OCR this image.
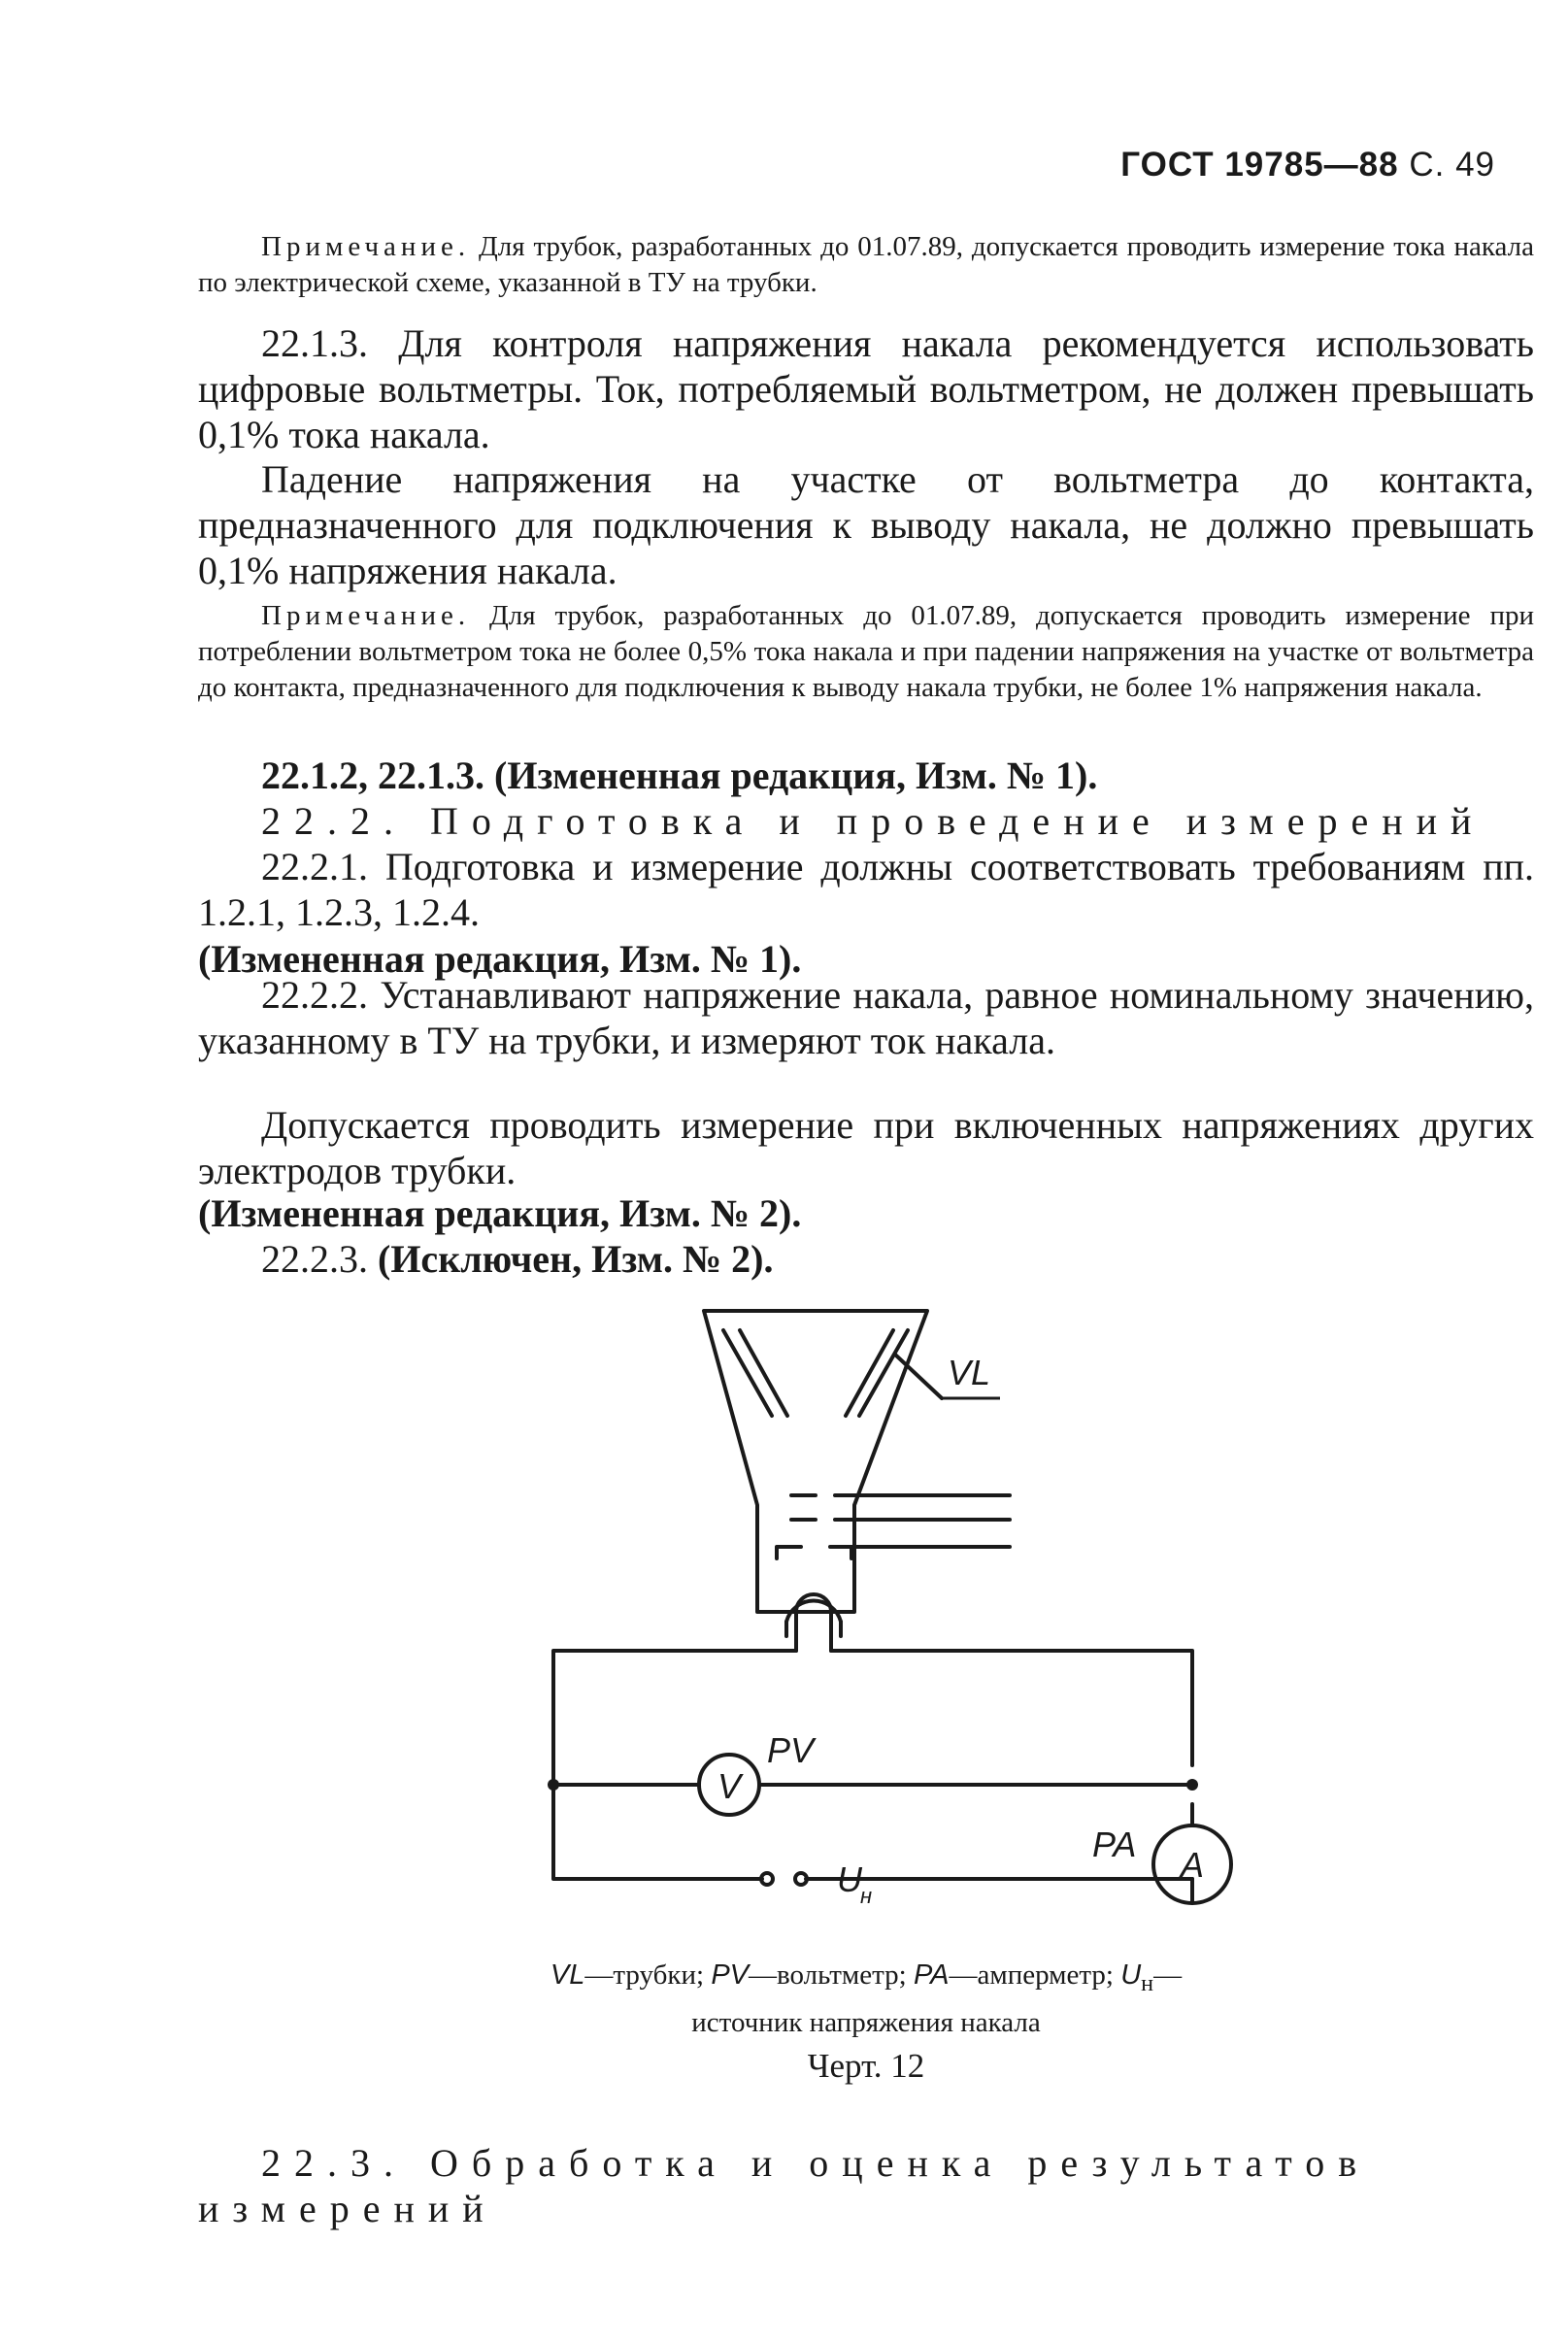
ГОСТ 19785—88 С. 49

Примечание. Для трубок, разработанных до 01.07.89, допускается проводить измерение тока накала по электрической схеме, указанной в ТУ на трубки.

22.1.3. Для контроля напряжения накала рекомендуется использовать цифровые вольтметры. Ток, потребляемый вольтметром, не должен превышать 0,1% тока накала.

Падение напряжения на участке от вольтметра до контакта, предназначенного для подключения к выводу накала, не должно превышать 0,1% напряжения накала.

Примечание. Для трубок, разработанных до 01.07.89, допускается проводить измерение при потреблении вольтметром тока не более 0,5% тока накала и при падении напряжения на участке от вольтметра до контакта, предназначенного для подключения к выводу накала трубки, не более 1% напряжения накала.

22.1.2, 22.1.3. (Измененная редакция, Изм. № 1).

22.2. Подготовка и проведение измерений

22.2.1. Подготовка и измерение должны соответствовать требованиям пп. 1.2.1, 1.2.3, 1.2.4.

(Измененная редакция, Изм. № 1).

22.2.2. Устанавливают напряжение накала, равное номинальному значению, указанному в ТУ на трубки, и измеряют ток накала.

Допускается проводить измерение при включенных напряжениях других электродов трубки.

(Измененная редакция, Изм. № 2).

22.2.3. (Исключен, Изм. № 2).

VL
PV
PA
V
A
U
н
VL—трубки; PV—вольтметр; PA—амперметр; $U_н—$
источник напряжения накала
Черт. 12

22.3. Обработка и оценка результатов измерений
